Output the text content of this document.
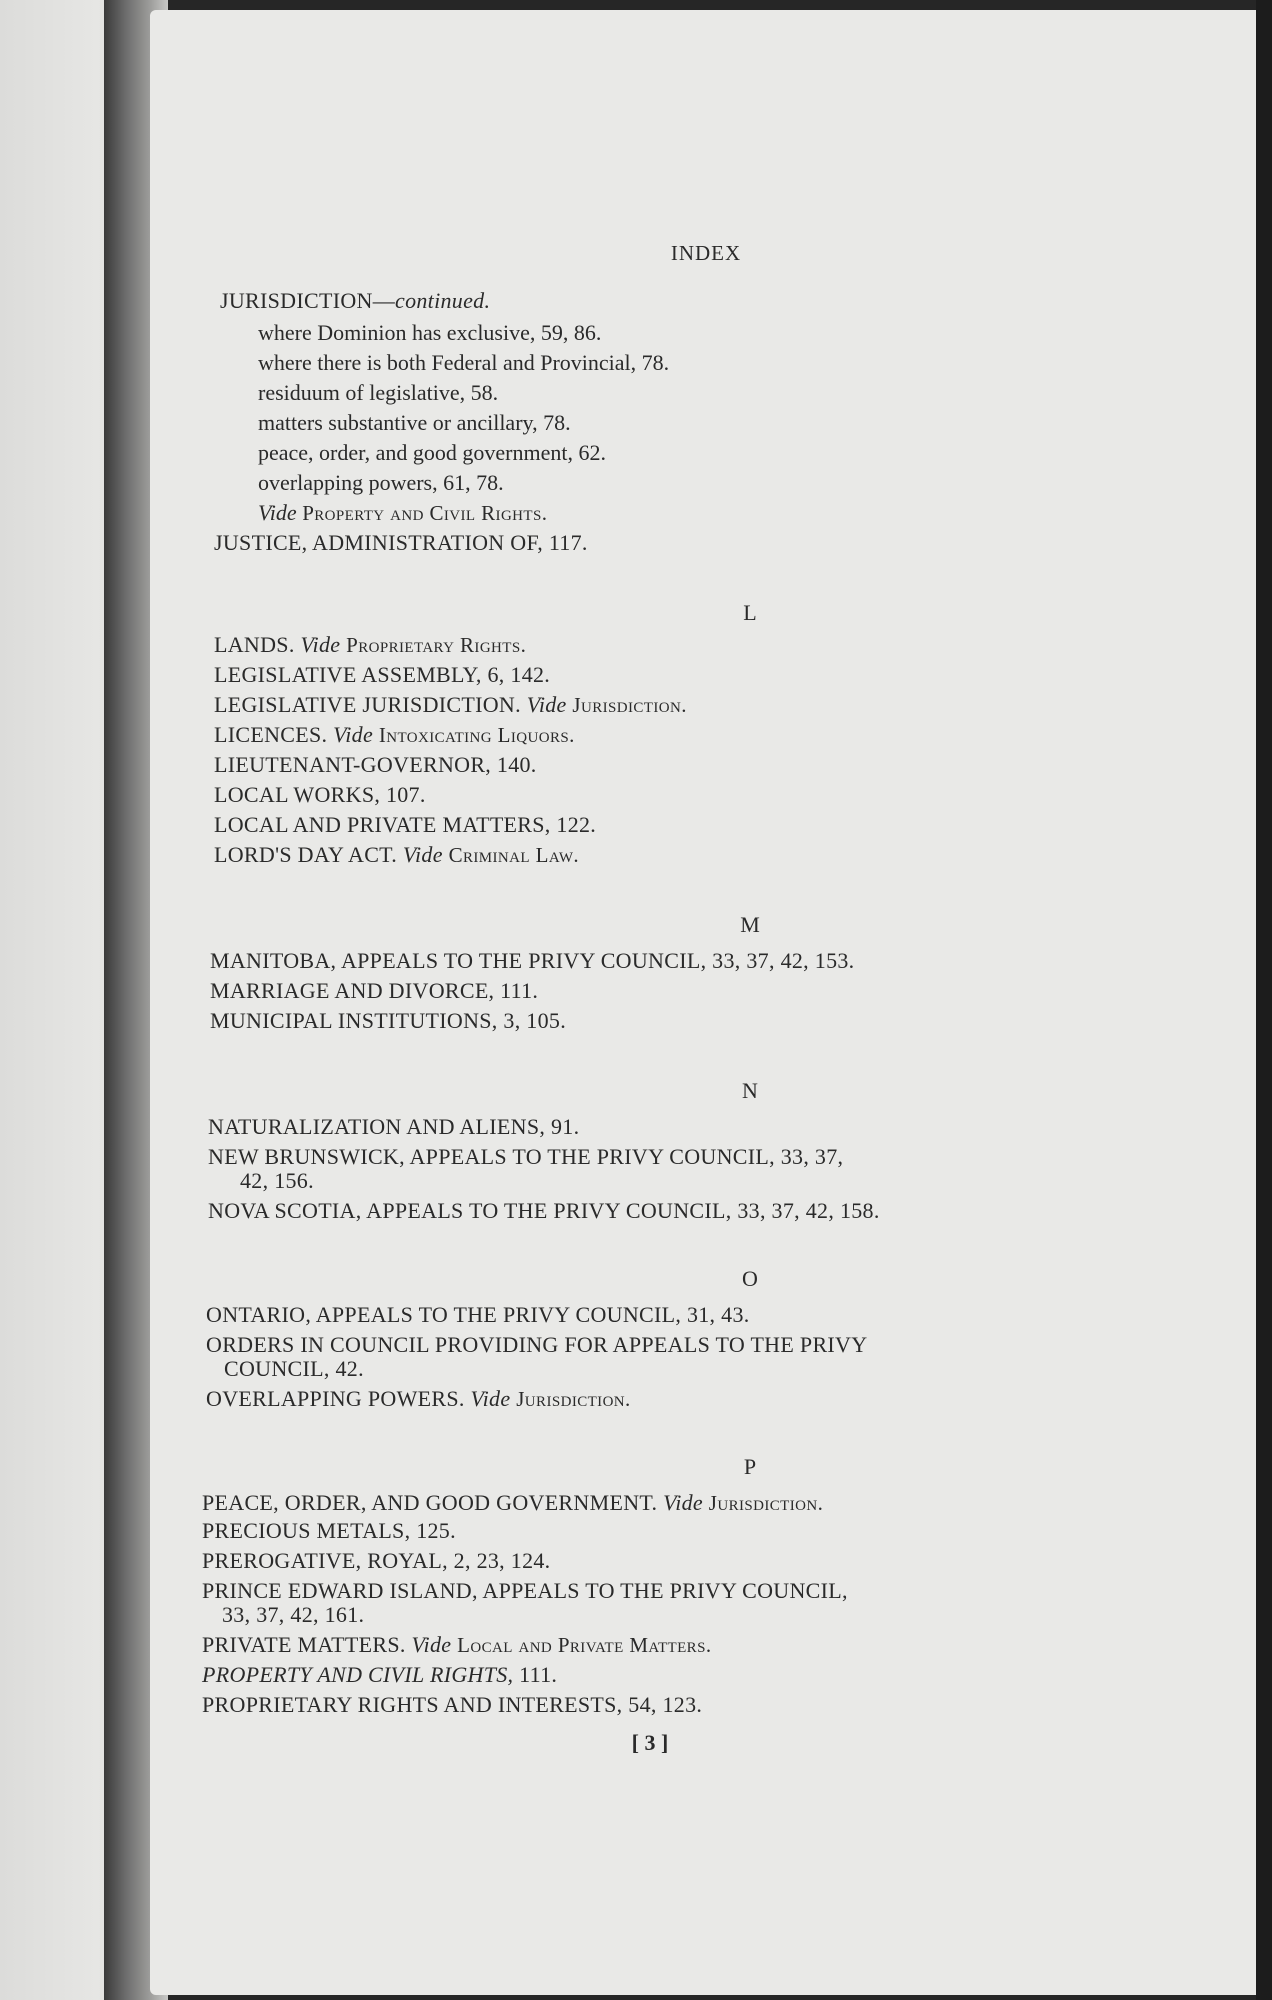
INDEX
JURISDICTION—continued.
where Dominion has exclusive, 59, 86.
where there is both Federal and Provincial, 78.
residuum of legislative, 58.
matters substantive or ancillary, 78.
peace, order, and good government, 62.
overlapping powers, 61, 78.
Vide Property and Civil Rights.
JUSTICE, ADMINISTRATION OF, 117.
L
LANDS. Vide Proprietary Rights.
LEGISLATIVE ASSEMBLY, 6, 142.
LEGISLATIVE JURISDICTION. Vide Jurisdiction.
LICENCES. Vide Intoxicating Liquors.
LIEUTENANT-GOVERNOR, 140.
LOCAL WORKS, 107.
LOCAL AND PRIVATE MATTERS, 122.
LORD'S DAY ACT. Vide Criminal Law.
M
MANITOBA, APPEALS TO THE PRIVY COUNCIL, 33, 37, 42, 153.
MARRIAGE AND DIVORCE, 111.
MUNICIPAL INSTITUTIONS, 3, 105.
N
NATURALIZATION AND ALIENS, 91.
NEW BRUNSWICK, APPEALS TO THE PRIVY COUNCIL, 33, 37,
42, 156.
NOVA SCOTIA, APPEALS TO THE PRIVY COUNCIL, 33, 37, 42, 158.
O
ONTARIO, APPEALS TO THE PRIVY COUNCIL, 31, 43.
ORDERS IN COUNCIL PROVIDING FOR APPEALS TO THE PRIVY
COUNCIL, 42.
OVERLAPPING POWERS. Vide Jurisdiction.
P
PEACE, ORDER, AND GOOD GOVERNMENT. Vide Jurisdiction.
PRECIOUS METALS, 125.
PREROGATIVE, ROYAL, 2, 23, 124.
PRINCE EDWARD ISLAND, APPEALS TO THE PRIVY COUNCIL,
33, 37, 42, 161.
PRIVATE MATTERS. Vide Local and Private Matters.
PROPERTY AND CIVIL RIGHTS, 111.
PROPRIETARY RIGHTS AND INTERESTS, 54, 123.
[ 3 ]
